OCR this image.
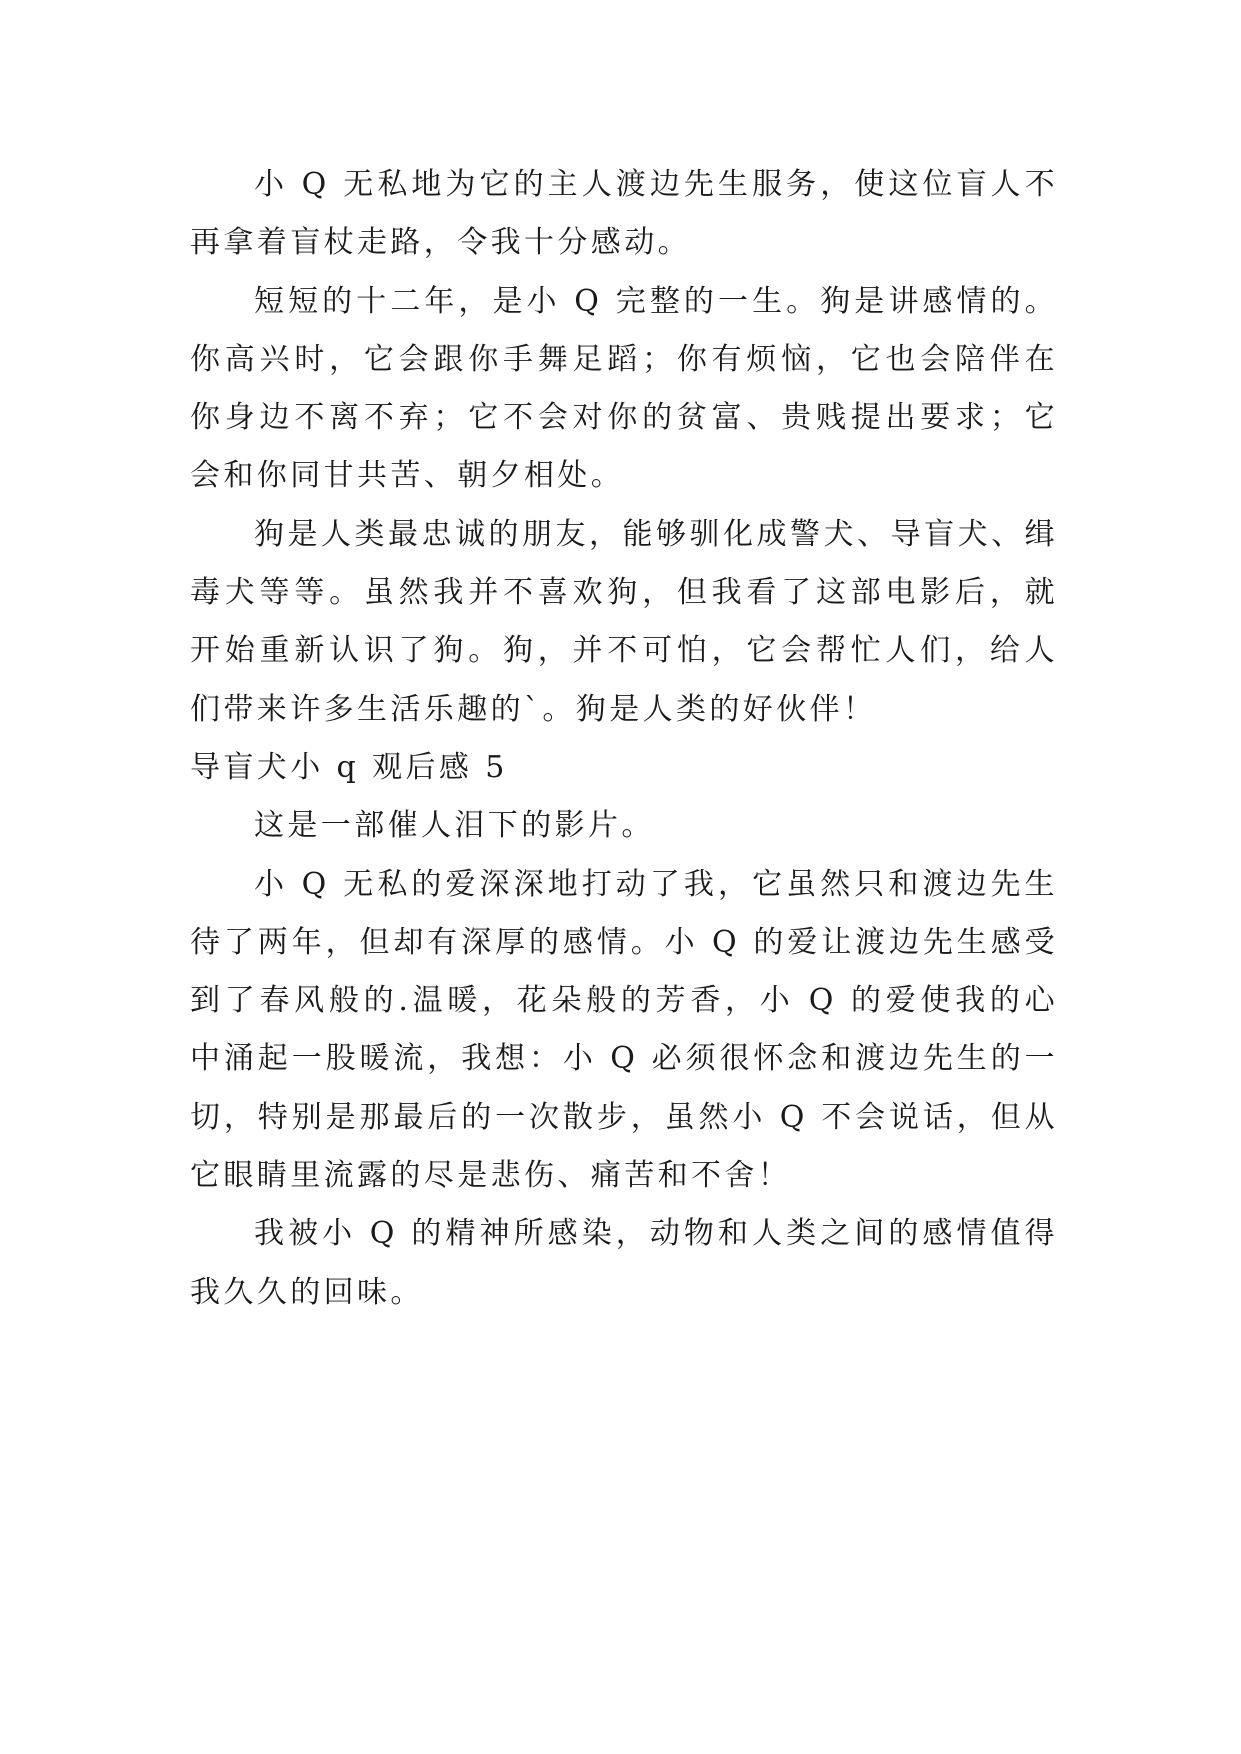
小 Q 无私地为它的主人渡边先生服务，使这位盲人不再拿着盲杖走路，令我十分感动。

短短的十二年，是小 Q 完整的一生。狗是讲感情的。你高兴时，它会跟你手舞足蹈；你有烦恼，它也会陪伴在你身边不离不弃；它不会对你的贫富、贵贱提出要求；它会和你同甘共苦、朝夕相处。

狗是人类最忠诚的朋友，能够驯化成警犬、导盲犬、缉毒犬等等。虽然我并不喜欢狗，但我看了这部电影后，就开始重新认识了狗。狗，并不可怕，它会帮忙人们，给人们带来许多生活乐趣的`。狗是人类的好伙伴！

导盲犬小 q 观后感 5

这是一部催人泪下的影片。

小 Q 无私的爱深深地打动了我，它虽然只和渡边先生待了两年，但却有深厚的感情。小 Q 的爱让渡边先生感受到了春风般的.温暖，花朵般的芳香，小 Q 的爱使我的心中涌起一股暖流，我想：小 Q 必须很怀念和渡边先生的一切，特别是那最后的一次散步，虽然小 Q 不会说话，但从它眼睛里流露的尽是悲伤、痛苦和不舍！

我被小 Q 的精神所感染，动物和人类之间的感情值得我久久的回味。
